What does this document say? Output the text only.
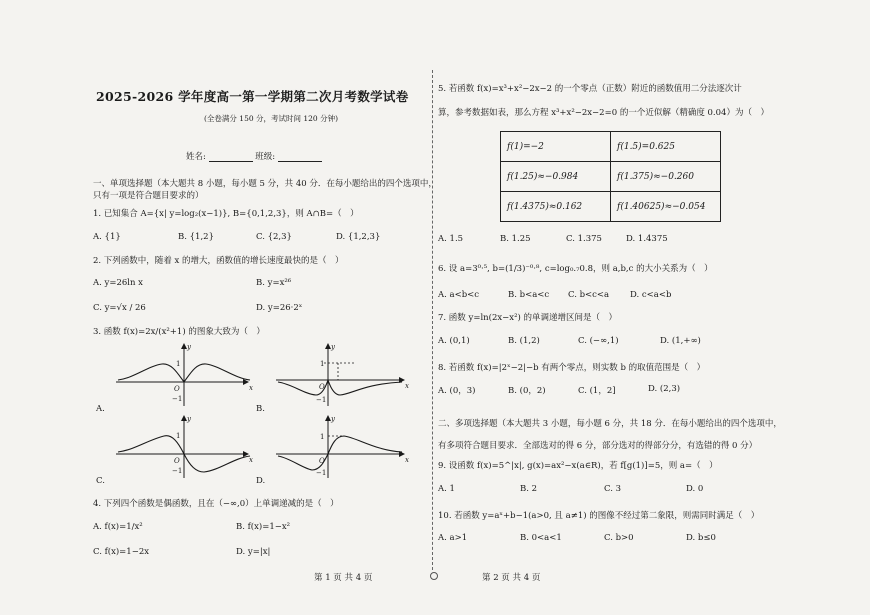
2025-2026 学年度高一第一学期第二次月考数学试卷
(全卷满分 150 分，考试时间 120 分钟)
姓名:	班级:
一、单项选择题（本大题共 8 小题，每小题 5 分，共 40 分．在每小题给出的四个选项中，
只有一项是符合题目要求的）
1. 已知集合 A={x| y=log₂(x−1)}, B={0,1,2,3}，则 A∩B=（　）
A. {1}	B. {1,2}	C. {2,3}	D. {1,2,3}
2. 下列函数中，随着 x 的增大，函数值的增长速度最快的是（　）
A. y=26ln x	B. y=x²⁶
C. y=√x / 26	D. y=26·2ˣ
3. 函数 f(x)=2x/(x²+1) 的图象大致为（　）
x
y
O
1
−1
A.
x
y
O
1
−1
B.
x
y
O
1
−1
C.
x
y
O
1
−1
D.
4. 下列四个函数是偶函数，且在（−∞,0）上单调递减的是（　）
A. f(x)=1/x²	B. f(x)=1−x²
C. f(x)=1−2x	D. y=|x|
第 1 页 共 4 页
5. 若函数 f(x)=x³+x²−2x−2 的一个零点（正数）附近的函数值用二分法逐次计
算，参考数据如表，那么方程 x³+x²−2x−2=0 的一个近似解（精确度 0.04）为（　）
f(1)=−2	f(1.5)=0.625
f(1.25)≈−0.984	f(1.375)≈−0.260
f(1.4375)≈0.162	f(1.40625)≈−0.054
A. 1.5	B. 1.25	C. 1.375	D. 1.4375
6. 设 a=3⁰·⁵, b=(1/3)⁻⁰·⁸, c=log₀.₇0.8，则 a,b,c 的大小关系为（　）
A. a<b<c	B. b<a<c C. b<c<a D. c<a<b
7. 函数 y=ln(2x−x²) 的单调递增区间是（　）
A. (0,1)	B. (1,2)	C. (−∞,1)	D. (1,+∞)
8. 若函数 f(x)=|2ˣ−2|−b 有两个零点，则实数 b 的取值范围是（　）
A. (0，3)	B. (0，2)	C. (1，2]	D. (2,3)
二、多项选择题（本大题共 3 小题，每小题 6 分，共 18 分．在每小题给出的四个选项中，
有多项符合题目要求．全部选对的得 6 分，部分选对的得部分分，有选错的得 0 分）
9. 设函数 f(x)=5^|x|, g(x)=ax²−x(a∈R)，若 f[g(1)]=5，则 a=（　）
A. 1	B. 2	C. 3	D. 0
10. 若函数 y=aˣ+b−1(a>0, 且 a≠1) 的图像不经过第二象限，则需同时满足（　）
A. a>1	B. 0<a<1	C. b>0	D. b≤0
第 2 页 共 4 页
